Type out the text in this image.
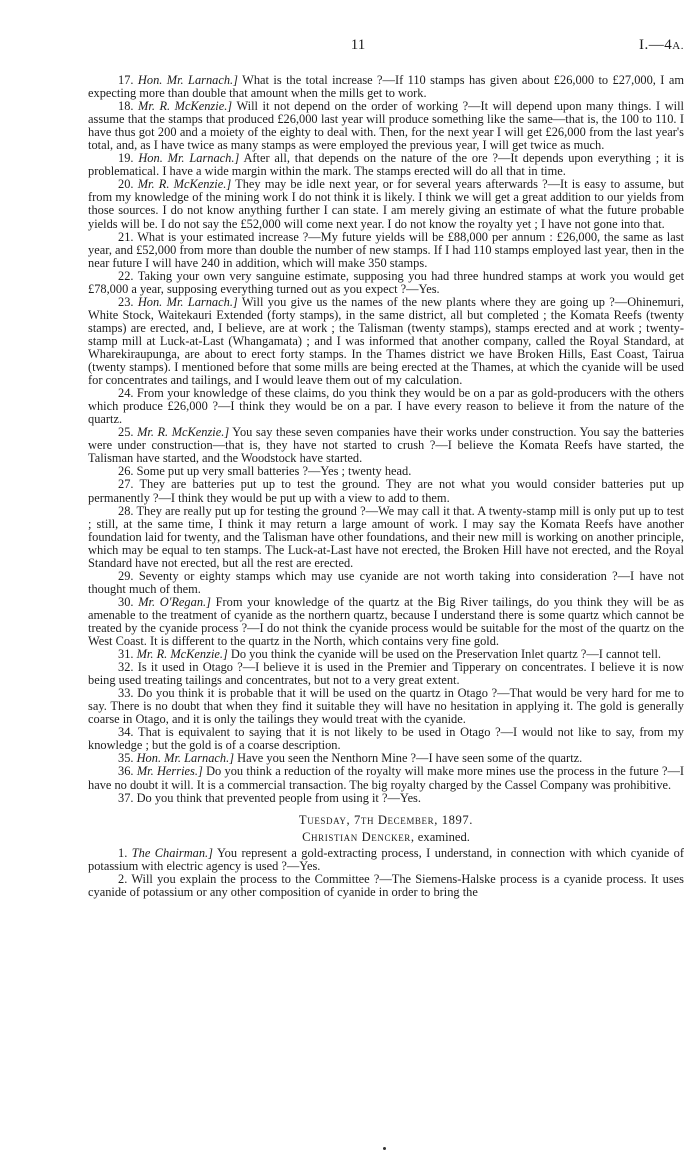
11	I.—4A.

17. Hon. Mr. Larnach.] What is the total increase ?—If 110 stamps has given about £26,000 to £27,000, I am expecting more than double that amount when the mills get to work.

18. Mr. R. McKenzie.] Will it not depend on the order of working ?—It will depend upon many things. I will assume that the stamps that produced £26,000 last year will produce something like the same—that is, the 100 to 110. I have thus got 200 and a moiety of the eighty to deal with. Then, for the next year I will get £26,000 from the last year's total, and, as I have twice as many stamps as were employed the previous year, I will get twice as much.

19. Hon. Mr. Larnach.] After all, that depends on the nature of the ore ?—It depends upon everything ; it is problematical. I have a wide margin within the mark. The stamps erected will do all that in time.

20. Mr. R. McKenzie.] They may be idle next year, or for several years afterwards ?—It is easy to assume, but from my knowledge of the mining work I do not think it is likely. I think we will get a great addition to our yields from those sources. I do not know anything further I can state. I am merely giving an estimate of what the future probable yields will be. I do not say the £52,000 will come next year. I do not know the royalty yet ; I have not gone into that.

21. What is your estimated increase ?—My future yields will be £88,000 per annum : £26,000, the same as last year, and £52,000 from more than double the number of new stamps. If I had 110 stamps employed last year, then in the near future I will have 240 in addition, which will make 350 stamps.

22. Taking your own very sanguine estimate, supposing you had three hundred stamps at work you would get £78,000 a year, supposing everything turned out as you expect ?—Yes.

23. Hon. Mr. Larnach.] Will you give us the names of the new plants where they are going up ?—Ohinemuri, White Stock, Waitekauri Extended (forty stamps), in the same district, all but completed ; the Komata Reefs (twenty stamps) are erected, and, I believe, are at work ; the Talisman (twenty stamps), stamps erected and at work ; twenty-stamp mill at Luck-at-Last (Whangamata) ; and I was informed that another company, called the Royal Standard, at Wharekiraupunga, are about to erect forty stamps. In the Thames district we have Broken Hills, East Coast, Tairua (twenty stamps). I mentioned before that some mills are being erected at the Thames, at which the cyanide will be used for concentrates and tailings, and I would leave them out of my calculation.

24. From your knowledge of these claims, do you think they would be on a par as gold-producers with the others which produce £26,000 ?—I think they would be on a par. I have every reason to believe it from the nature of the quartz.

25. Mr. R. McKenzie.] You say these seven companies have their works under construction. You say the batteries were under construction—that is, they have not started to crush ?—I believe the Komata Reefs have started, the Talisman have started, and the Woodstock have started.

26. Some put up very small batteries ?—Yes ; twenty head.

27. They are batteries put up to test the ground. They are not what you would consider batteries put up permanently ?—I think they would be put up with a view to add to them.

28. They are really put up for testing the ground ?—We may call it that. A twenty-stamp mill is only put up to test ; still, at the same time, I think it may return a large amount of work. I may say the Komata Reefs have another foundation laid for twenty, and the Talisman have other foundations, and their new mill is working on another principle, which may be equal to ten stamps. The Luck-at-Last have not erected, the Broken Hill have not erected, and the Royal Standard have not erected, but all the rest are erected.

29. Seventy or eighty stamps which may use cyanide are not worth taking into consideration ?—I have not thought much of them.

30. Mr. O'Regan.] From your knowledge of the quartz at the Big River tailings, do you think they will be as amenable to the treatment of cyanide as the northern quartz, because I understand there is some quartz which cannot be treated by the cyanide process ?—I do not think the cyanide process would be suitable for the most of the quartz on the West Coast. It is different to the quartz in the North, which contains very fine gold.

31. Mr. R. McKenzie.] Do you think the cyanide will be used on the Preservation Inlet quartz ?—I cannot tell.

32. Is it used in Otago ?—I believe it is used in the Premier and Tipperary on concentrates. I believe it is now being used treating tailings and concentrates, but not to a very great extent.

33. Do you think it is probable that it will be used on the quartz in Otago ?—That would be very hard for me to say. There is no doubt that when they find it suitable they will have no hesitation in applying it. The gold is generally coarse in Otago, and it is only the tailings they would treat with the cyanide.

34. That is equivalent to saying that it is not likely to be used in Otago ?—I would not like to say, from my knowledge ; but the gold is of a coarse description.

35. Hon. Mr. Larnach.] Have you seen the Nenthorn Mine ?—I have seen some of the quartz.

36. Mr. Herries.] Do you think a reduction of the royalty will make more mines use the process in the future ?—I have no doubt it will. It is a commercial transaction. The big royalty charged by the Cassel Company was prohibitive.

37. Do you think that prevented people from using it ?—Yes.

Tuesday, 7th December, 1897.
Christian Dencker, examined.

1. The Chairman.] You represent a gold-extracting process, I understand, in connection with which cyanide of potassium with electric agency is used ?—Yes.

2. Will you explain the process to the Committee ?—The Siemens-Halske process is a cyanide process. It uses cyanide of potassium or any other composition of cyanide in order to bring the
